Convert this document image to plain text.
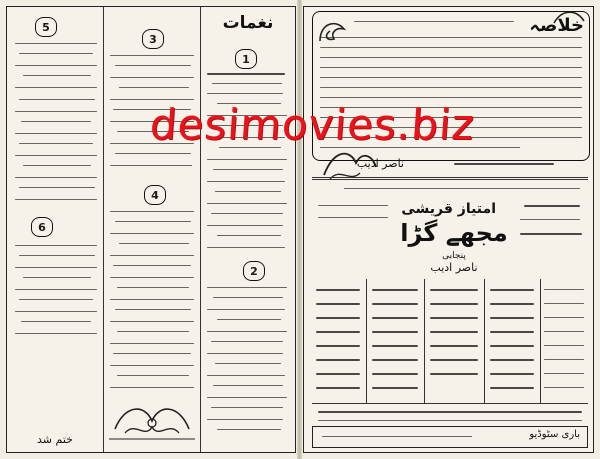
نغمات
1
2
3
4
5
6
ختم شد
خلاصہ
ناصر ادیب
امتیاز قریشی
مجھے گڑا
پنجابی
ناصر ادیب
باری سٹوڈیو
desimovies.biz
